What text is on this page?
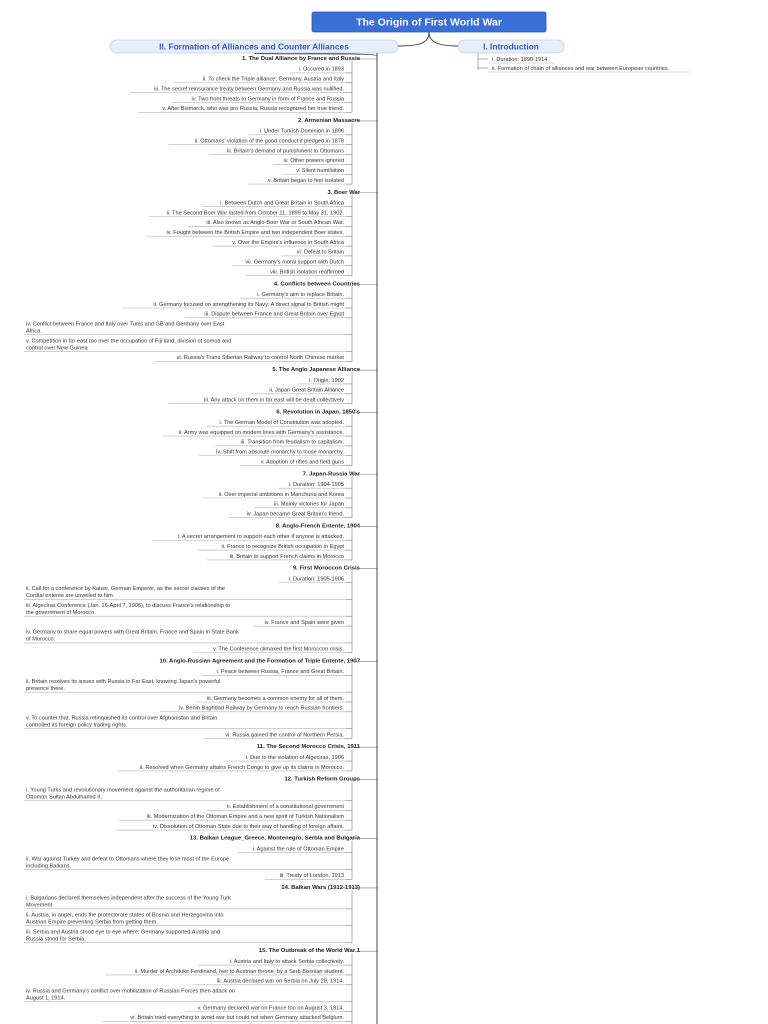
The Origin of First World War
II. Formation of Alliances and Counter Alliances	I. Introduction
i. Duration: 1890-1914
ii. Formation of chain of alliances and war between European countries.
1. The Dual Alliance by France and Russia
i. Occured in 1893
ii. To check the Triple alliance; Germany, Austria and Italy
iii. The secret reinsurance treaty between Germany and Russia was nullified.
iv. Two front threats to Germany in form of France and Russia
v. After Bismarck, who was pro Russia, Russia recognized her true friend.
2. Armenian Massacre
i. Under Turkish Dominion in 1896
ii. Ottomans' violation of the good conduct it pledged in 1878
iii. Britain's demand of punishment to Ottomans
iv. Other powers ignored
v. Silent humiliation
v. Britain began to feel isolated
3. Boer War
i. Between Dutch and Great Britain in South Africa
ii. The Second Boer War lasted from October 11, 1899 to May 31, 1902.
iii. Also known as Anglo-Boer War or South African War.
iv. Fought between the British Empire and two independent Boer states.
v. Over the Empire's influence in South Africa
vi. Defeat to Britain
vii. Germany's moral support with Dutch
viii. British isolation reaffirmed
4. Conflicts between Countries
i. Germany's aim to replace Britain.
ii. Germany focused on strengthening its Navy: A direct signal to British might
iii. Dispute between France and Great Britain over Egypt
iv. Conflict between France and Italy over Tunis and GB and Germany over East
Africa.
v. Competition in far east too over the occupation of Fiji land, division of somoa and
control over New Guinea
vi. Russia's Trans Siberian Railway to control North Chinese market
5. The Anglo Japanese Alliance
i. Origin: 1902
ii. Japan Great Britain Alliance
iii. Any attack on them in far east will be dealt collectively
6. Revolution in Japan, 1850's
i. The German Model of Constitution was adopted.
ii. Army was equipped on modern lines with Germany's assistance.
iii. Transition from feudalism to capitalism.
iv. Shift from absolute monarchy to loose monarchy.
v. Adoption of rifles and field guns
7. Japan-Russia War
i. Duration: 1904-1905
ii. Over imperial ambitions in Manchuria and Korea
iii. Mainly victories for Japan
iv. Japan became Great Britain's friend.
8. Anglo-French Entente, 1904
i. A secret arrangement to support each other if anyone is attacked.
ii. France to recognize British occupation in Egypt
iii. Britain to support French claims in Morocco
9. First Moroccon Crisis
i. Duration: 1905-1906
ii. Call for a conference by Kaiser, German Emperor, as the secret clauses of the
Cordial entente are unveiled to him.
iii. Algeciras Conference (Jan. 16-April 7, 1906), to discuss France's relationship to
the government of Morocco
iv. France and Spain were given
iv. Germany to share equal powers with Great Britain, France and Spain in State Bank
of Morocco.
v. The Conference climaxed the first Moroccon crisis.
10. Anglo-Russian Agreement and the Formation of Triple Entente, 1907
i. Peace between Russia, France and Great Britain.
ii. Britain resolves its issues with Russia in Far East, knowing Japan's powerful
presence there.
iii. Germany becomes a common enemy for all of them.
iv. Berlin Baghdad Railway by Germany to reach Russian frontiers.
v. To counter that, Russia relinquished its control over Afghanistan and Britain
controlled its foreign policy trading rights.
vi. Russia gained the control of Northern Persia.
11. The Second Morocco Crisis, 1911
i. Due to the violation of Algeciras, 1906
ii. Resolved when Germany attains French Congo to give up its claims in Morocco.
12. Turkish Reform Groups
i. Young Turks and revolutionary movement against the authoritarian regime of
Ottoman Sultan Abdulhamid II.
ii. Establishment of a constitutional government
iii. Modernization of the Ottoman Empire and a new spirit of Turkish Nationalism
iv. Dissolution of Ottoman State due to their way of handling of foreign affairs.
13. Balkan League_Greece, Montenegro, Serbia and Bulgaria
i. Against the rule of Ottoman Empire
ii. War against Turkey and defeat to Ottomans where they lose most of the Europe
including Balkans.
iii. Treaty of London, 1913
14. Balkan Wars (1912-1913)
i. Bulgarians declared themselves independent after the success of the Young Turk
Movement
ii. Austria, in anger, ends the protectorate states of Bosnia and Herzegovina into
Austrian Empire preventing Serbia from getting them.
iii. Serbia and Austria stood eye to eye where; Germany supported Austria and
Russia stood for Serbia.
15. The Outbreak of the World War 1
i. Austria and Italy to attack Serbia collectively.
ii. Murder of Archduke Ferdinand, heir to Austrian throne, by a Serb Bosnian student.
iii. Austria declared war on Serbia on July 28, 1914.
iv. Russia and Germany's conflict over mobilization of Russian Forces then attack on
August 1, 1914.
v. Germany declared war on France too on August 3, 1914.
vi. Britain tried everything to avoid war but could not when Germany attacked Belgium.
